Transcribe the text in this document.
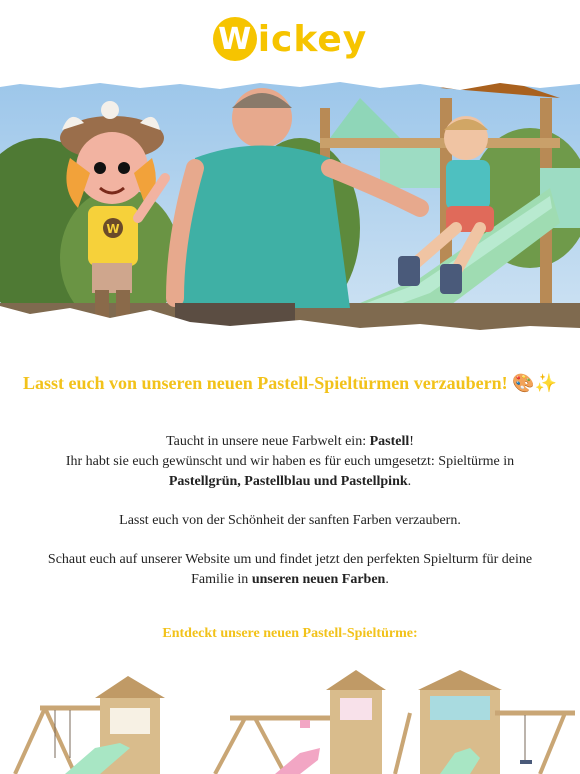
W ickey
W
Lasst euch von unseren neuen Pastell-Spieltürmen verzaubern! 🎨✨

Taucht in unsere neue Farbwelt ein: Pastell!

Ihr habt sie euch gewünscht und wir haben es für euch umgesetzt: Spieltürme in

Pastellgrün, Pastellblau und Pastellpink.

Lasst euch von der Schönheit der sanften Farben verzaubern.

Schaut euch auf unserer Website um und findet jetzt den perfekten Spielturm für deine

Familie in unseren neuen Farben.

Entdeckt unsere neuen Pastell-Spieltürme:
